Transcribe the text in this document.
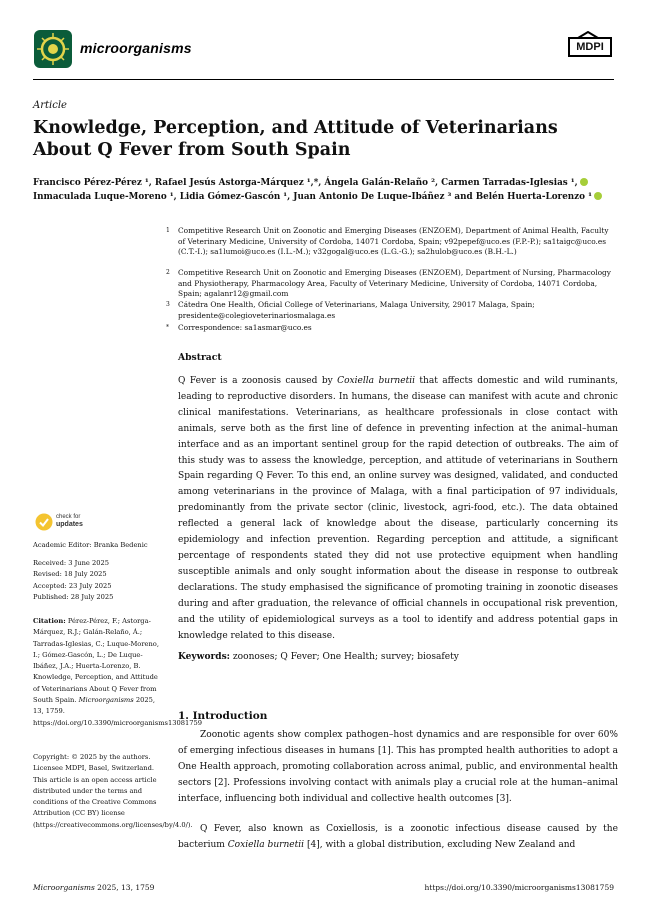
microorganisms	MDPI
Article
Knowledge, Perception, and Attitude of Veterinarians About Q Fever from South Spain
Francisco Pérez-Pérez ¹, Rafael Jesús Astorga-Márquez ¹,*, Ángela Galán-Relaño ², Carmen Tarradas-Iglesias ¹,
Inmaculada Luque-Moreno ¹, Lidia Gómez-Gascón ¹, Juan Antonio De Luque-Ibáñez ³ and Belén Huerta-Lorenzo ¹
1 Competitive Research Unit on Zoonotic and Emerging Diseases (ENZOEM), Department of Animal Health, Faculty of Veterinary Medicine, University of Cordoba, 14071 Cordoba, Spain; v92pepef@uco.es (F.P.-P.); sa1taigc@uco.es (C.T.-I.); sa1lumoi@uco.es (I.L.-M.); v32gogal@uco.es (L.G.-G.); sa2hulob@uco.es (B.H.-L.)
2 Competitive Research Unit on Zoonotic and Emerging Diseases (ENZOEM), Department of Nursing, Pharmacology and Physiotherapy, Pharmacology Area, Faculty of Veterinary Medicine, University of Cordoba, 14071 Cordoba, Spain; agalanr12@gmail.com
3 Cátedra One Health, Oficial College of Veterinarians, Malaga University, 29017 Malaga, Spain; presidente@colegioveterinariosmalaga.es
* Correspondence: sa1asmar@uco.es
Abstract
Q Fever is a zoonosis caused by Coxiella burnetii that affects domestic and wild ruminants, leading to reproductive disorders. In humans, the disease can manifest with acute and chronic clinical manifestations. Veterinarians, as healthcare professionals in close contact with animals, serve both as the first line of defence in preventing infection at the animal–human interface and as an important sentinel group for the rapid detection of outbreaks. The aim of this study was to assess the knowledge, perception, and attitude of veterinarians in Southern Spain regarding Q Fever. To this end, an online survey was designed, validated, and conducted among veterinarians in the province of Malaga, with a final participation of 97 individuals, predominantly from the private sector (clinic, livestock, agri-food, etc.). The data obtained reflected a general lack of knowledge about the disease, particularly concerning its epidemiology and infection prevention. Regarding perception and attitude, a significant percentage of respondents stated they did not use protective equipment when handling susceptible animals and only sought information about the disease in response to outbreak declarations. The study emphasised the significance of promoting training in zoonotic diseases during and after graduation, the relevance of official channels in occupational risk prevention, and the utility of epidemiological surveys as a tool to identify and address potential gaps in knowledge related to this disease.
Keywords: zoonoses; Q Fever; One Health; survey; biosafety
check for
updates
Academic Editor: Branka Bedenic
Received: 3 June 2025
Revised: 18 July 2025
Accepted: 23 July 2025
Published: 28 July 2025
Citation: Pérez-Pérez, F.; Astorga-Márquez, R.J.; Galán-Relaño, Á.; Tarradas-Iglesias, C.; Luque-Moreno, I.; Gómez-Gascón, L.; De Luque-Ibáñez, J.A.; Huerta-Lorenzo, B. Knowledge, Perception, and Attitude of Veterinarians About Q Fever from South Spain. Microorganisms 2025, 13, 1759. https://doi.org/10.3390/microorganisms13081759
Copyright: © 2025 by the authors. Licensee MDPI, Basel, Switzerland. This article is an open access article distributed under the terms and conditions of the Creative Commons Attribution (CC BY) license (https://creativecommons.org/licenses/by/4.0/).
1. Introduction
Zoonotic agents show complex pathogen–host dynamics and are responsible for over 60% of emerging infectious diseases in humans [1]. This has prompted health authorities to adopt a One Health approach, promoting collaboration across animal, public, and environmental health sectors [2]. Professions involving contact with animals play a crucial role at the human–animal interface, influencing both individual and collective health outcomes [3].
Q Fever, also known as Coxiellosis, is a zoonotic infectious disease caused by the bacterium Coxiella burnetii [4], with a global distribution, excluding New Zealand and
Microorganisms 2025, 13, 1759	https://doi.org/10.3390/microorganisms13081759
